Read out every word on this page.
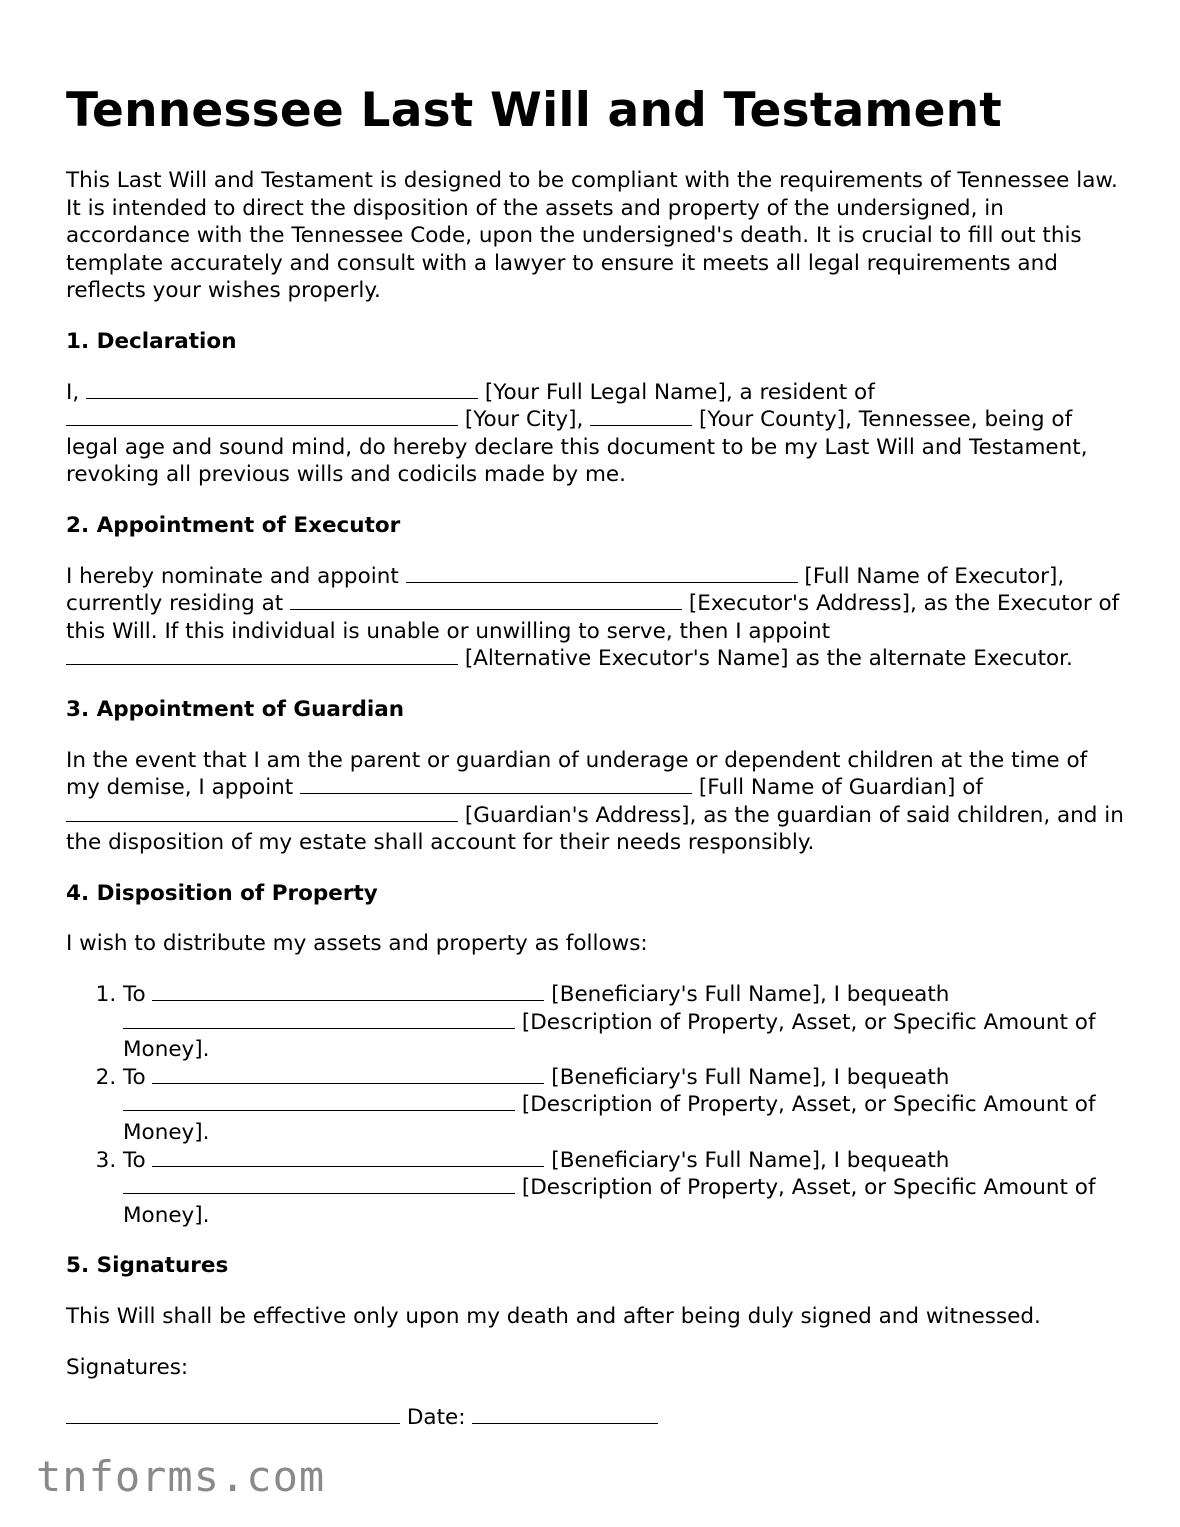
Tennessee Last Will and Testament

This Last Will and Testament is designed to be compliant with the requirements of Tennessee law. It is intended to direct the disposition of the assets and property of the undersigned, in accordance with the Tennessee Code, upon the undersigned's death. It is crucial to fill out this template accurately and consult with a lawyer to ensure it meets all legal requirements and reflects your wishes properly.

1. Declaration

I,	[Your Full Legal Name], a resident of  [Your City],	[Your County], Tennessee, being of legal age and sound mind, do hereby declare this document to be my Last Will and Testament, revoking all previous wills and codicils made by me.

2. Appointment of Executor

I hereby nominate and appoint	[Full Name of Executor], currently residing at	[Executor's Address], as the Executor of this Will. If this individual is unable or unwilling to serve, then I appoint  [Alternative Executor's Name] as the alternate Executor.

3. Appointment of Guardian

In the event that I am the parent or guardian of underage or dependent children at the time of my demise, I appoint	[Full Name of Guardian] of  [Guardian's Address], as the guardian of said children, and in the disposition of my estate shall account for their needs responsibly.

4. Disposition of Property

I wish to distribute my assets and property as follows:

1. To	[Beneficiary's Full Name], I bequeath  [Description of Property, Asset, or Specific Amount of Money].
2. To	[Beneficiary's Full Name], I bequeath  [Description of Property, Asset, or Specific Amount of Money].
3. To	[Beneficiary's Full Name], I bequeath  [Description of Property, Asset, or Specific Amount of Money].
5. Signatures

This Will shall be effective only upon my death and after being duly signed and witnessed.

Signatures:

Date:

tnforms.com
